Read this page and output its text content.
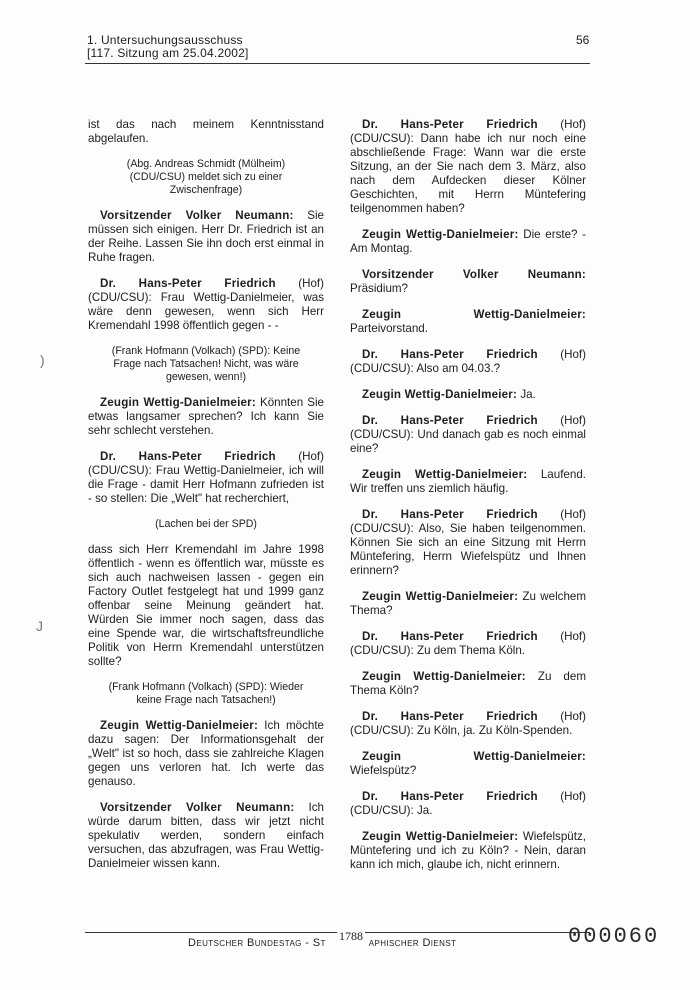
1. Untersuchungsausschuss
[117. Sitzung am 25.04.2002]
56
ist das nach meinem Kenntnisstand abgelaufen.
(Abg. Andreas Schmidt (Mülheim) (CDU/CSU) meldet sich zu einer Zwischenfrage)
Vorsitzender Volker Neumann: Sie müssen sich einigen. Herr Dr. Friedrich ist an der Reihe. Lassen Sie ihn doch erst einmal in Ruhe fragen.
Dr. Hans-Peter Friedrich (Hof) (CDU/CSU): Frau Wettig-Danielmeier, was wäre denn gewesen, wenn sich Herr Kremendahl 1998 öffentlich gegen - -
(Frank Hofmann (Volkach) (SPD): Keine Frage nach Tatsachen! Nicht, was wäre gewesen, wenn!)
Zeugin Wettig-Danielmeier: Könnten Sie etwas langsamer sprechen? Ich kann Sie sehr schlecht verstehen.
Dr. Hans-Peter Friedrich (Hof) (CDU/CSU): Frau Wettig-Danielmeier, ich will die Frage - damit Herr Hofmann zufrieden ist - so stellen: Die „Welt" hat recherchiert,
(Lachen bei der SPD)
dass sich Herr Kremendahl im Jahre 1998 öffentlich - wenn es öffentlich war, müsste es sich auch nachweisen lassen - gegen ein Factory Outlet festgelegt hat und 1999 ganz offenbar seine Meinung geändert hat. Würden Sie immer noch sagen, dass das eine Spende war, die wirtschaftsfreundliche Politik von Herrn Kremendahl unterstützen sollte?
(Frank Hofmann (Volkach) (SPD): Wieder keine Frage nach Tatsachen!)
Zeugin Wettig-Danielmeier: Ich möchte dazu sagen: Der Informationsgehalt der „Welt" ist so hoch, dass sie zahlreiche Klagen gegen uns verloren hat. Ich werte das genauso.
Vorsitzender Volker Neumann: Ich würde darum bitten, dass wir jetzt nicht spekulativ werden, sondern einfach versuchen, das abzufragen, was Frau Wettig-Danielmeier wissen kann.
Dr. Hans-Peter Friedrich (Hof) (CDU/CSU): Dann habe ich nur noch eine abschließende Frage: Wann war die erste Sitzung, an der Sie nach dem 3. März, also nach dem Aufdecken dieser Kölner Geschichten, mit Herrn Müntefering teilgenommen haben?
Zeugin Wettig-Danielmeier: Die erste? - Am Montag.
Vorsitzender Volker Neumann: Präsidium?
Zeugin Wettig-Danielmeier: Parteivorstand.
Dr. Hans-Peter Friedrich (Hof) (CDU/CSU): Also am 04.03.?
Zeugin Wettig-Danielmeier: Ja.
Dr. Hans-Peter Friedrich (Hof) (CDU/CSU): Und danach gab es noch einmal eine?
Zeugin Wettig-Danielmeier: Laufend. Wir treffen uns ziemlich häufig.
Dr. Hans-Peter Friedrich (Hof) (CDU/CSU): Also, Sie haben teilgenommen. Können Sie sich an eine Sitzung mit Herrn Müntefering, Herrn Wiefelspütz und Ihnen erinnern?
Zeugin Wettig-Danielmeier: Zu welchem Thema?
Dr. Hans-Peter Friedrich (Hof) (CDU/CSU): Zu dem Thema Köln.
Zeugin Wettig-Danielmeier: Zu dem Thema Köln?
Dr. Hans-Peter Friedrich (Hof) (CDU/CSU): Zu Köln, ja. Zu Köln-Spenden.
Zeugin Wettig-Danielmeier: Wiefelspütz?
Dr. Hans-Peter Friedrich (Hof) (CDU/CSU): Ja.
Zeugin Wettig-Danielmeier: Wiefelspütz, Müntefering und ich zu Köln? - Nein, daran kann ich mich, glaube ich, nicht erinnern.
)
J
Deutscher Bundestag - St	aphischer Dienst
1788	000060
